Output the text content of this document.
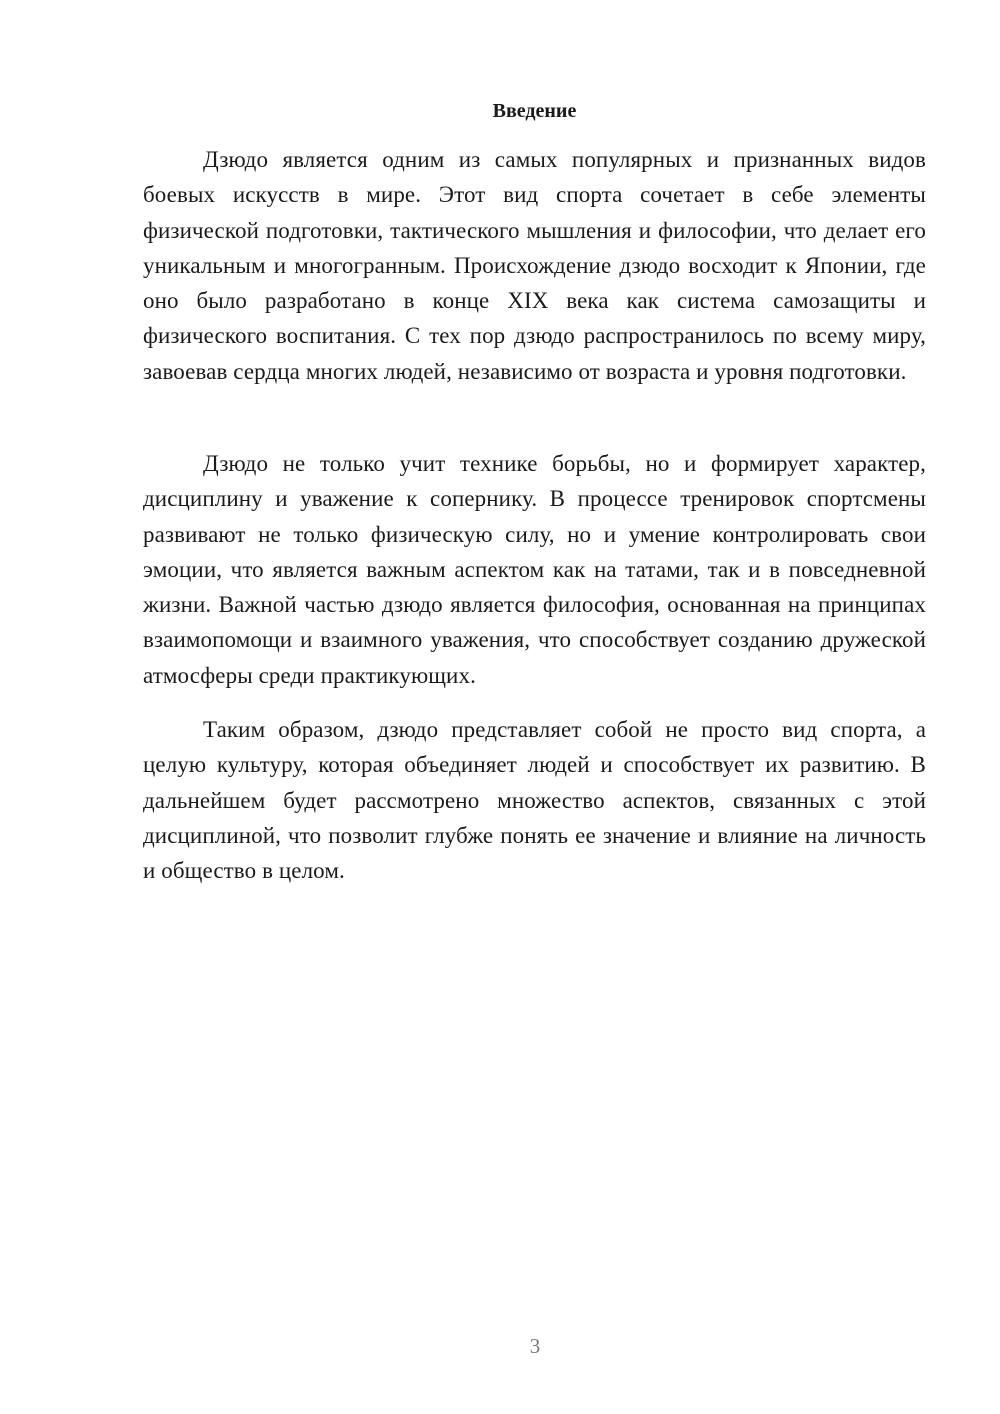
Введение

Дзюдо является одним из самых популярных и признанных видов боевых искусств в мире. Этот вид спорта сочетает в себе элементы физической подготовки, тактического мышления и философии, что делает его уникальным и многогранным. Происхождение дзюдо восходит к Японии, где оно было разработано в конце XIX века как система самозащиты и физического воспитания. С тех пор дзюдо распространилось по всему миру, завоевав сердца многих людей, независимо от возраста и уровня подготовки.

Дзюдо не только учит технике борьбы, но и формирует характер, дисциплину и уважение к сопернику. В процессе тренировок спортсмены развивают не только физическую силу, но и умение контролировать свои эмоции, что является важным аспектом как на татами, так и в повседневной жизни. Важной частью дзюдо является философия, основанная на принципах взаимопомощи и взаимного уважения, что способствует созданию дружеской атмосферы среди практикующих.

Таким образом, дзюдо представляет собой не просто вид спорта, а целую культуру, которая объединяет людей и способствует их развитию. В дальнейшем будет рассмотрено множество аспектов, связанных с этой дисциплиной, что позволит глубже понять ее значение и влияние на личность и общество в целом.

3
